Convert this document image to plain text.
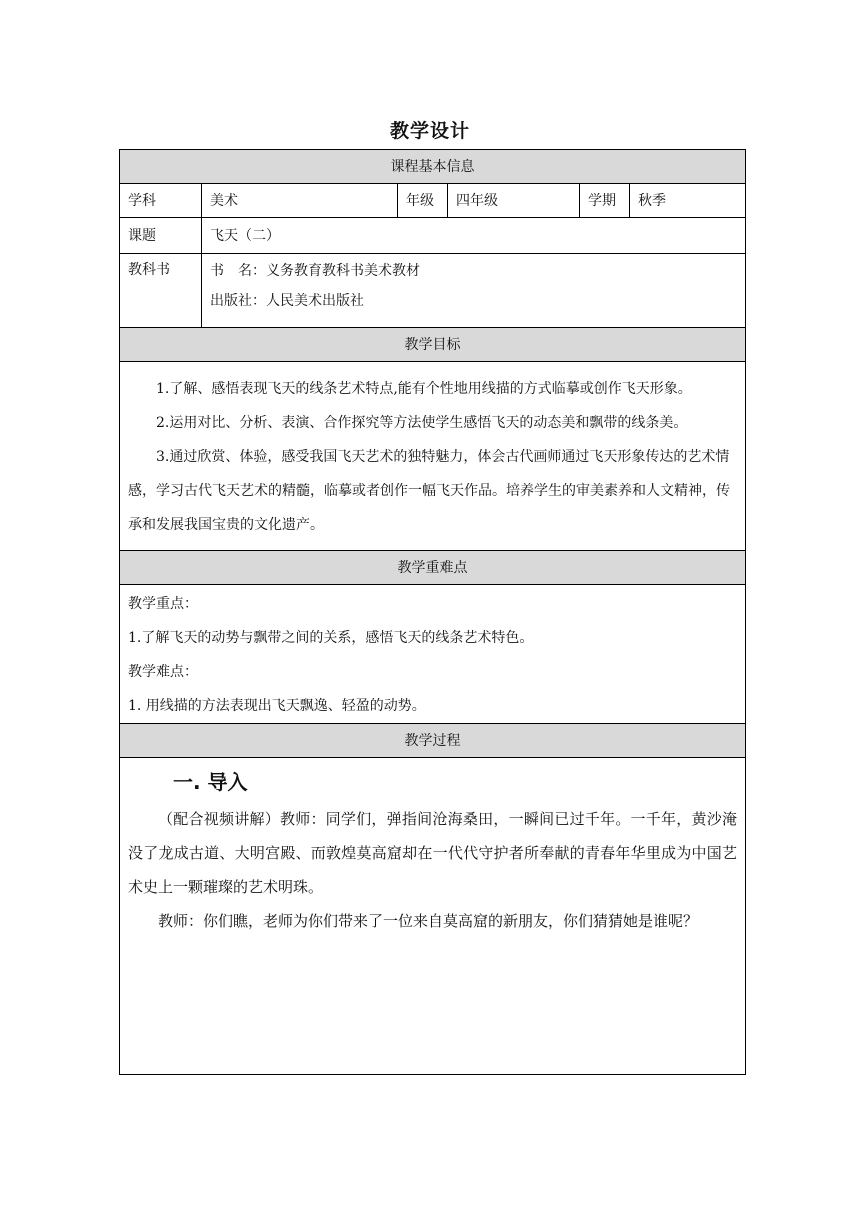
教学设计
课程基本信息					
学科	美术	年级	四年级	学期	秋季
课题	飞天（二）				
教科书	书　名：义务教育教科书美术教材

出版社：人民美术出版社				

教学目标					

1.了解、感悟表现飞天的线条艺术特点,能有个性地用线描的方式临摹或创作飞天形象。

2.运用对比、分析、表演、合作探究等方法使学生感悟飞天的动态美和飘带的线条美。

3.通过欣赏、体验，感受我国飞天艺术的独特魅力，体会古代画师通过飞天形象传达的艺术情感，学习古代飞天艺术的精髓，临摹或者创作一幅飞天作品。培养学生的审美素养和人文精神，传承和发展我国宝贵的文化遗产。					

教学重难点					

教学重点：

1.了解飞天的动势与飘带之间的关系，感悟飞天的线条艺术特色。

教学难点：

1. 用线描的方法表现出飞天飘逸、轻盈的动势。					

教学过程					

一. 导入

（配合视频讲解）教师：同学们，弹指间沧海桑田，一瞬间已过千年。一千年，黄沙淹没了龙成古道、大明宫殿、而敦煌莫高窟却在一代代守护者所奉献的青春年华里成为中国艺术史上一颗璀璨的艺术明珠。

教师：你们瞧，老师为你们带来了一位来自莫高窟的新朋友，你们猜猜她是谁呢？					
